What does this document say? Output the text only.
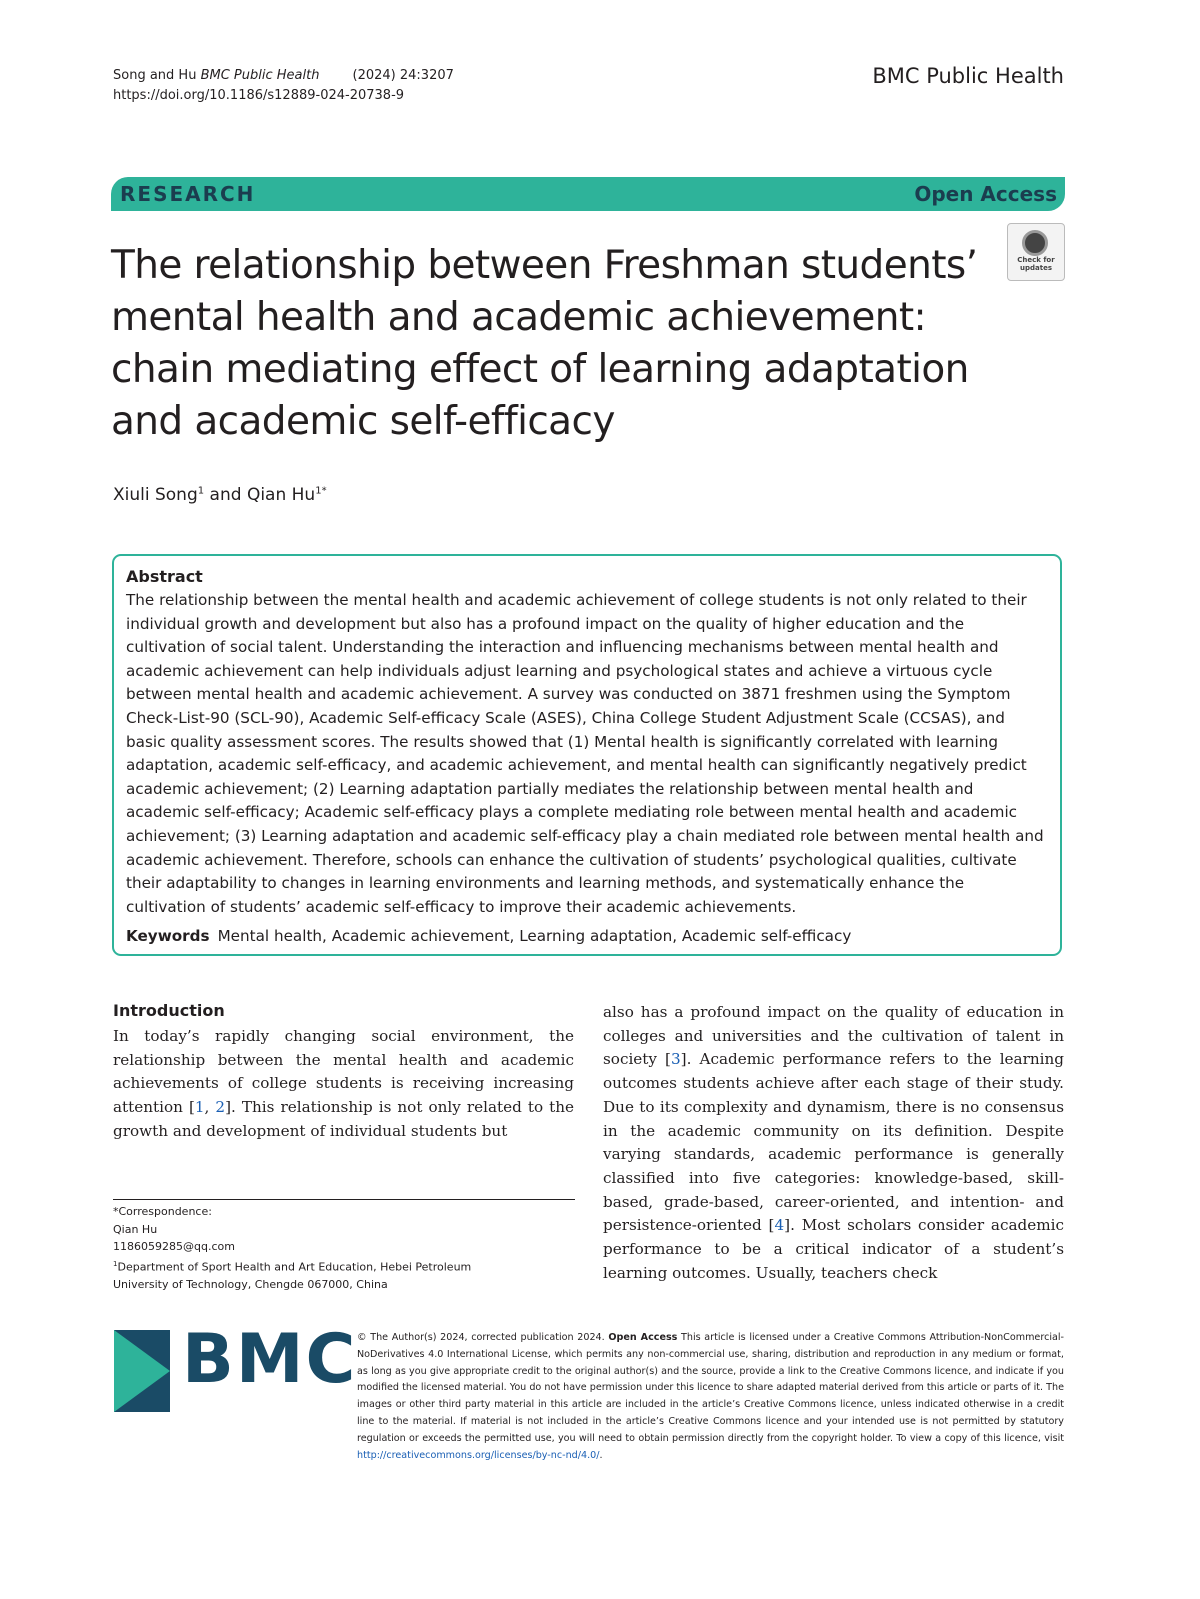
Song and Hu BMC Public Health	(2024) 24:3207
https://doi.org/10.1186/s12889-024-20738-9
BMC Public Health
RESEARCH	Open Access
Check for updates
The relationship between Freshman students’ mental health and academic achievement: chain mediating effect of learning adaptation and academic self-efficacy
Xiuli Song$^1$ and Qian $Hu^{1*}$
Abstract
The relationship between the mental health and academic achievement of college students is not only related to their individual growth and development but also has a profound impact on the quality of higher education and the cultivation of social talent. Understanding the interaction and influencing mechanisms between mental health and academic achievement can help individuals adjust learning and psychological states and achieve a virtuous cycle between mental health and academic achievement. A survey was conducted on 3871 freshmen using the Symptom Check-List-90 (SCL-90), Academic Self-efficacy Scale (ASES), China College Student Adjustment Scale (CCSAS), and basic quality assessment scores. The results showed that (1) Mental health is significantly correlated with learning adaptation, academic self-efficacy, and academic achievement, and mental health can significantly negatively predict academic achievement; (2) Learning adaptation partially mediates the relationship between mental health and academic self-efficacy; Academic self-efficacy plays a complete mediating role between mental health and academic achievement; (3) Learning adaptation and academic self-efficacy play a chain mediated role between mental health and academic achievement. Therefore, schools can enhance the cultivation of students’ psychological qualities, cultivate their adaptability to changes in learning environments and learning methods, and systematically enhance the cultivation of students’ academic self-efficacy to improve their academic achievements.
Keywords Mental health, Academic achievement, Learning adaptation, Academic self-efficacy
Introduction
In today’s rapidly changing social environment, the relationship between the mental health and academic achievements of college students is receiving increasing attention [1, 2]. This relationship is not only related to the growth and development of individual students but
also has a profound impact on the quality of education in colleges and universities and the cultivation of talent in society [3]. Academic performance refers to the learning outcomes students achieve after each stage of their study. Due to its complexity and dynamism, there is no consensus in the academic community on its definition. Despite varying standards, academic performance is generally classified into five categories: knowledge-based, skill-based, grade-based, career-oriented, and intention- and persistence-oriented [4]. Most scholars consider academic performance to be a critical indicator of a student’s learning outcomes. Usually, teachers check
*Correspondence:
Qian Hu
1186059285@qq.com
$^1$Department of Sport Health and Art Education, Hebei Petroleum
University of Technology, Chengde 067000, China
BMC © The Author(s) 2024, corrected publication 2024. Open Access This article is licensed under a Creative Commons Attribution-NonCommercial-NoDerivatives 4.0 International License, which permits any non-commercial use, sharing, distribution and reproduction in any medium or format, as long as you give appropriate credit to the original author(s) and the source, provide a link to the Creative Commons licence, and indicate if you modified the licensed material. You do not have permission under this licence to share adapted material derived from this article or parts of it. The images or other third party material in this article are included in the article’s Creative Commons licence, unless indicated otherwise in a credit line to the material. If material is not included in the article’s Creative Commons licence and your intended use is not permitted by statutory regulation or exceeds the permitted use, you will need to obtain permission directly from the copyright holder. To view a copy of this licence, visit http://creativecommons.org/licenses/by-nc-nd/4.0/.
